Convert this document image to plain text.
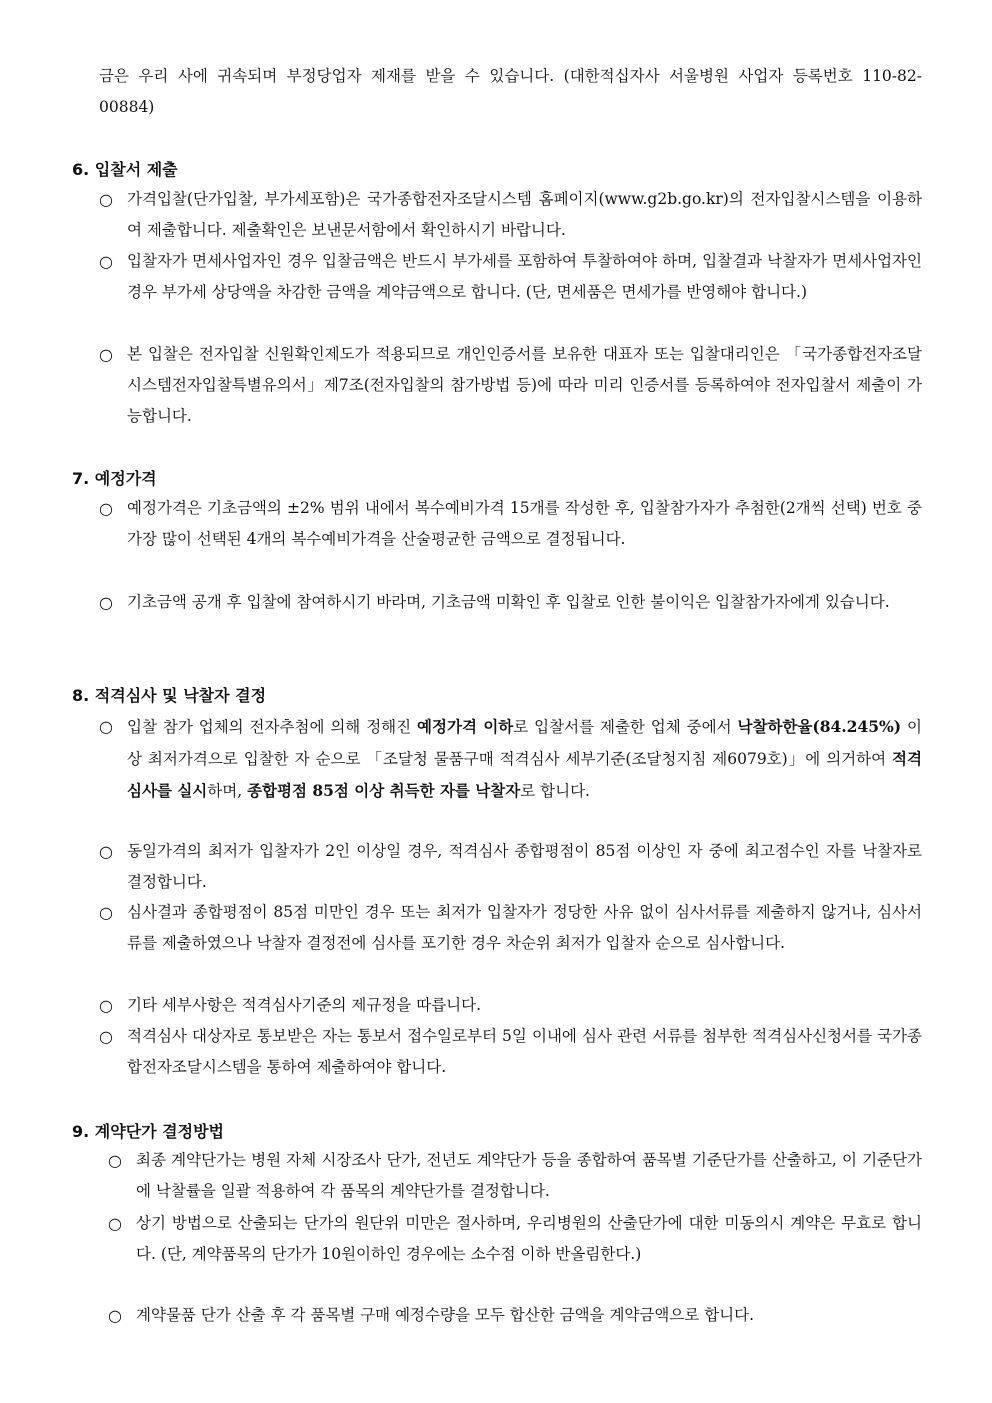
금은 우리 사에 귀속되며 부정당업자 제재를 받을 수 있습니다. (대한적십자사 서울병원 사업자 등록번호 110-82-00884)
6. 입찰서 제출
○ 가격입찰(단가입찰, 부가세포함)은 국가종합전자조달시스템 홈페이지(www.g2b.go.kr)의 전자입찰시스템을 이용하여 제출합니다. 제출확인은 보낸문서함에서 확인하시기 바랍니다.
○ 입찰자가 면세사업자인 경우 입찰금액은 반드시 부가세를 포함하여 투찰하여야 하며, 입찰결과 낙찰자가 면세사업자인 경우 부가세 상당액을 차감한 금액을 계약금액으로 합니다. (단, 면세품은 면세가를 반영해야 합니다.)
○ 본 입찰은 전자입찰 신원확인제도가 적용되므로 개인인증서를 보유한 대표자 또는 입찰대리인은 「국가종합전자조달시스템전자입찰특별유의서」제7조(전자입찰의 참가방법 등)에 따라 미리 인증서를 등록하여야 전자입찰서 제출이 가능합니다.
7. 예정가격
○ 예정가격은 기초금액의 ±2% 범위 내에서 복수예비가격 15개를 작성한 후, 입찰참가자가 추첨한(2개씩 선택) 번호 중 가장 많이 선택된 4개의 복수예비가격을 산술평균한 금액으로 결정됩니다.
○ 기초금액 공개 후 입찰에 참여하시기 바라며, 기초금액 미확인 후 입찰로 인한 불이익은 입찰참가자에게 있습니다.
8. 적격심사 및 낙찰자 결정
○ 입찰 참가 업체의 전자추첨에 의해 정해진 예정가격 이하로 입찰서를 제출한 업체 중에서 낙찰하한율(84.245%) 이상 최저가격으로 입찰한 자 순으로 「조달청 물품구매 적격심사 세부기준(조달청지침 제6079호)」에 의거하여 적격심사를 실시하며, 종합평점 85점 이상 취득한 자를 낙찰자로 합니다.
○ 동일가격의 최저가 입찰자가 2인 이상일 경우, 적격심사 종합평점이 85점 이상인 자 중에 최고점수인 자를 낙찰자로 결정합니다.
○ 심사결과 종합평점이 85점 미만인 경우 또는 최저가 입찰자가 정당한 사유 없이 심사서류를 제출하지 않거나, 심사서류를 제출하였으나 낙찰자 결정전에 심사를 포기한 경우 차순위 최저가 입찰자 순으로 심사합니다.
○ 기타 세부사항은 적격심사기준의 제규정을 따릅니다.
○ 적격심사 대상자로 통보받은 자는 통보서 접수일로부터 5일 이내에 심사 관련 서류를 첨부한 적격심사신청서를 국가종합전자조달시스템을 통하여 제출하여야 합니다.
9. 계약단가 결정방법
○ 최종 계약단가는 병원 자체 시장조사 단가, 전년도 계약단가 등을 종합하여 품목별 기준단가를 산출하고, 이 기준단가에 낙찰률을 일괄 적용하여 각 품목의 계약단가를 결정합니다.
○ 상기 방법으로 산출되는 단가의 원단위 미만은 절사하며, 우리병원의 산출단가에 대한 미동의시 계약은 무효로 합니다. (단, 계약품목의 단가가 10원이하인 경우에는 소수점 이하 반올림한다.)
○ 계약물품 단가 산출 후 각 품목별 구매 예정수량을 모두 합산한 금액을 계약금액으로 합니다.
